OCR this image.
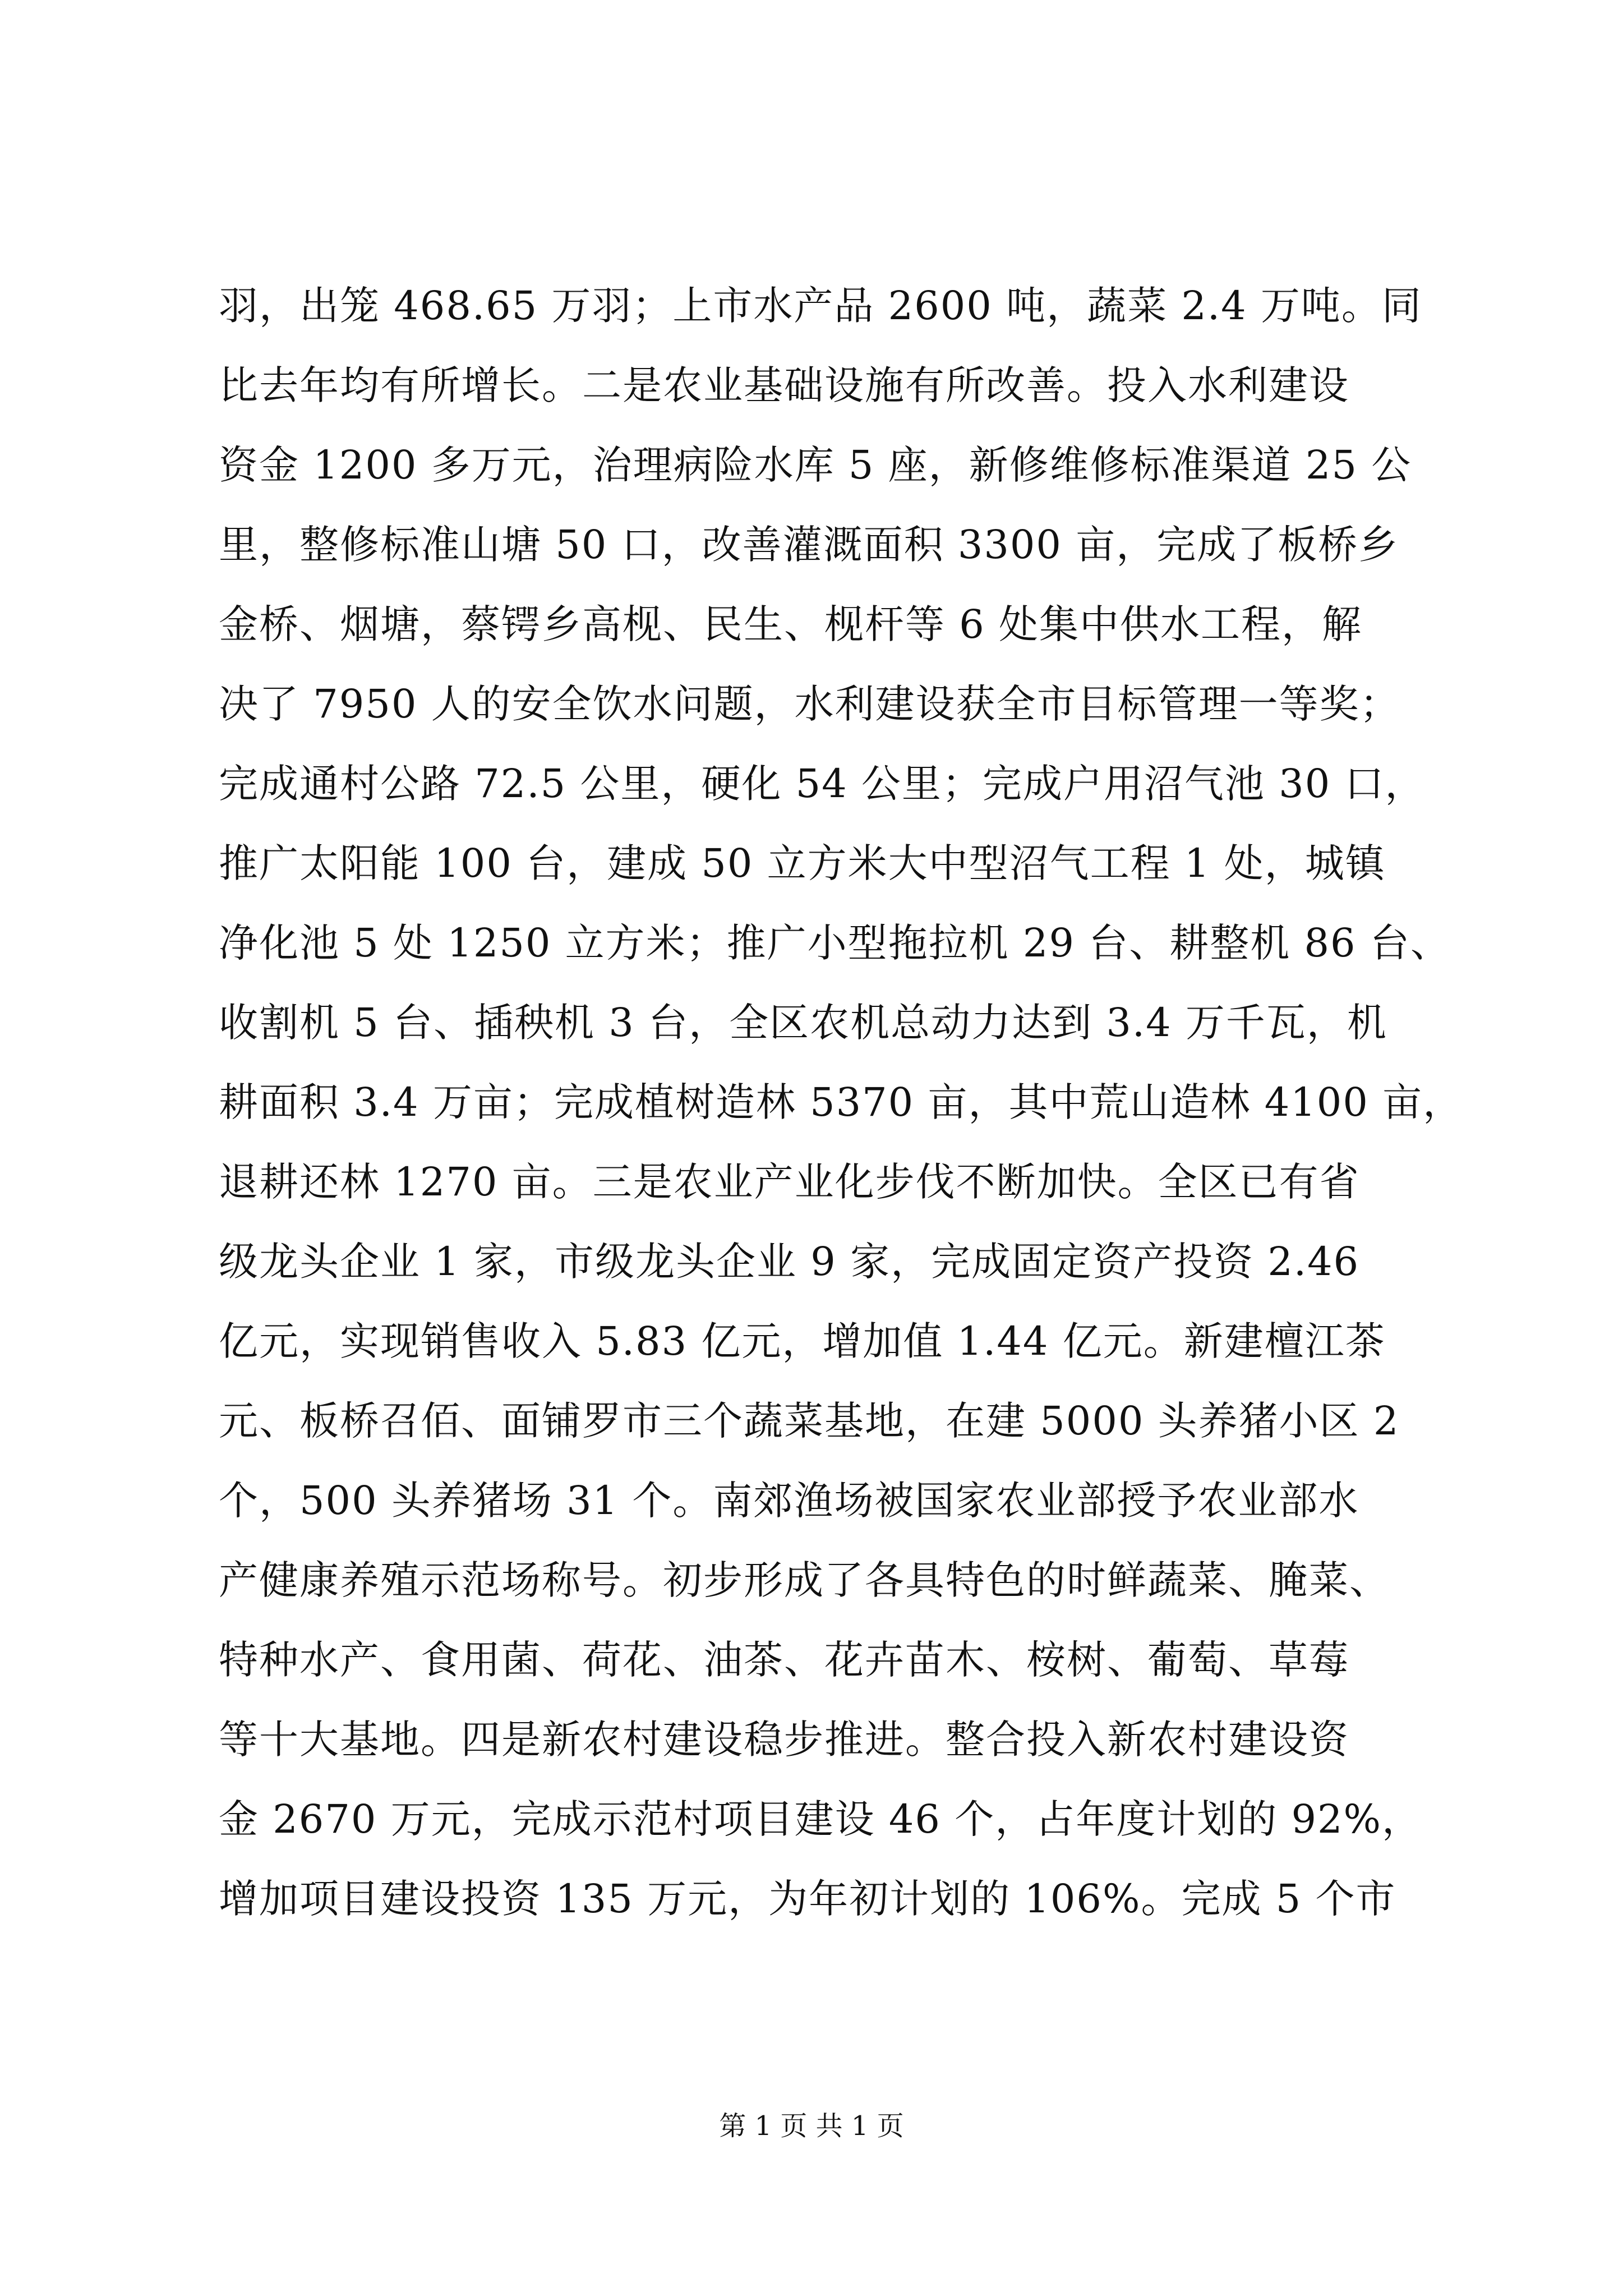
羽，出笼 468.65 万羽；上市水产品 2600 吨，蔬菜 2.4 万吨。同
比去年均有所增长。二是农业基础设施有所改善。投入水利建设
资金 1200 多万元，治理病险水库 5 座，新修维修标准渠道 25 公
里，整修标准山塘 50 口，改善灌溉面积 3300 亩，完成了板桥乡
金桥、烟塘，蔡锷乡高枧、民生、枧杆等 6 处集中供水工程，解
决了 7950 人的安全饮水问题，水利建设获全市目标管理一等奖；
完成通村公路 72.5 公里，硬化 54 公里；完成户用沼气池 30 口，
推广太阳能 100 台，建成 50 立方米大中型沼气工程 1 处，城镇
净化池 5 处 1250 立方米；推广小型拖拉机 29 台、耕整机 86 台、
收割机 5 台、插秧机 3 台，全区农机总动力达到 3.4 万千瓦，机
耕面积 3.4 万亩；完成植树造林 5370 亩，其中荒山造林 4100 亩，
退耕还林 1270 亩。三是农业产业化步伐不断加快。全区已有省
级龙头企业 1 家，市级龙头企业 9 家，完成固定资产投资 2.46
亿元，实现销售收入 5.83 亿元，增加值 1.44 亿元。新建檀江茶
元、板桥召佰、面铺罗市三个蔬菜基地，在建 5000 头养猪小区 2
个，500 头养猪场 31 个。南郊渔场被国家农业部授予农业部水
产健康养殖示范场称号。初步形成了各具特色的时鲜蔬菜、腌菜、
特种水产、食用菌、荷花、油茶、花卉苗木、桉树、葡萄、草莓
等十大基地。四是新农村建设稳步推进。整合投入新农村建设资
金 2670 万元，完成示范村项目建设 46 个，占年度计划的 92%，
增加项目建设投资 135 万元，为年初计划的 106%。完成 5 个市
第 1 页 共 1 页
